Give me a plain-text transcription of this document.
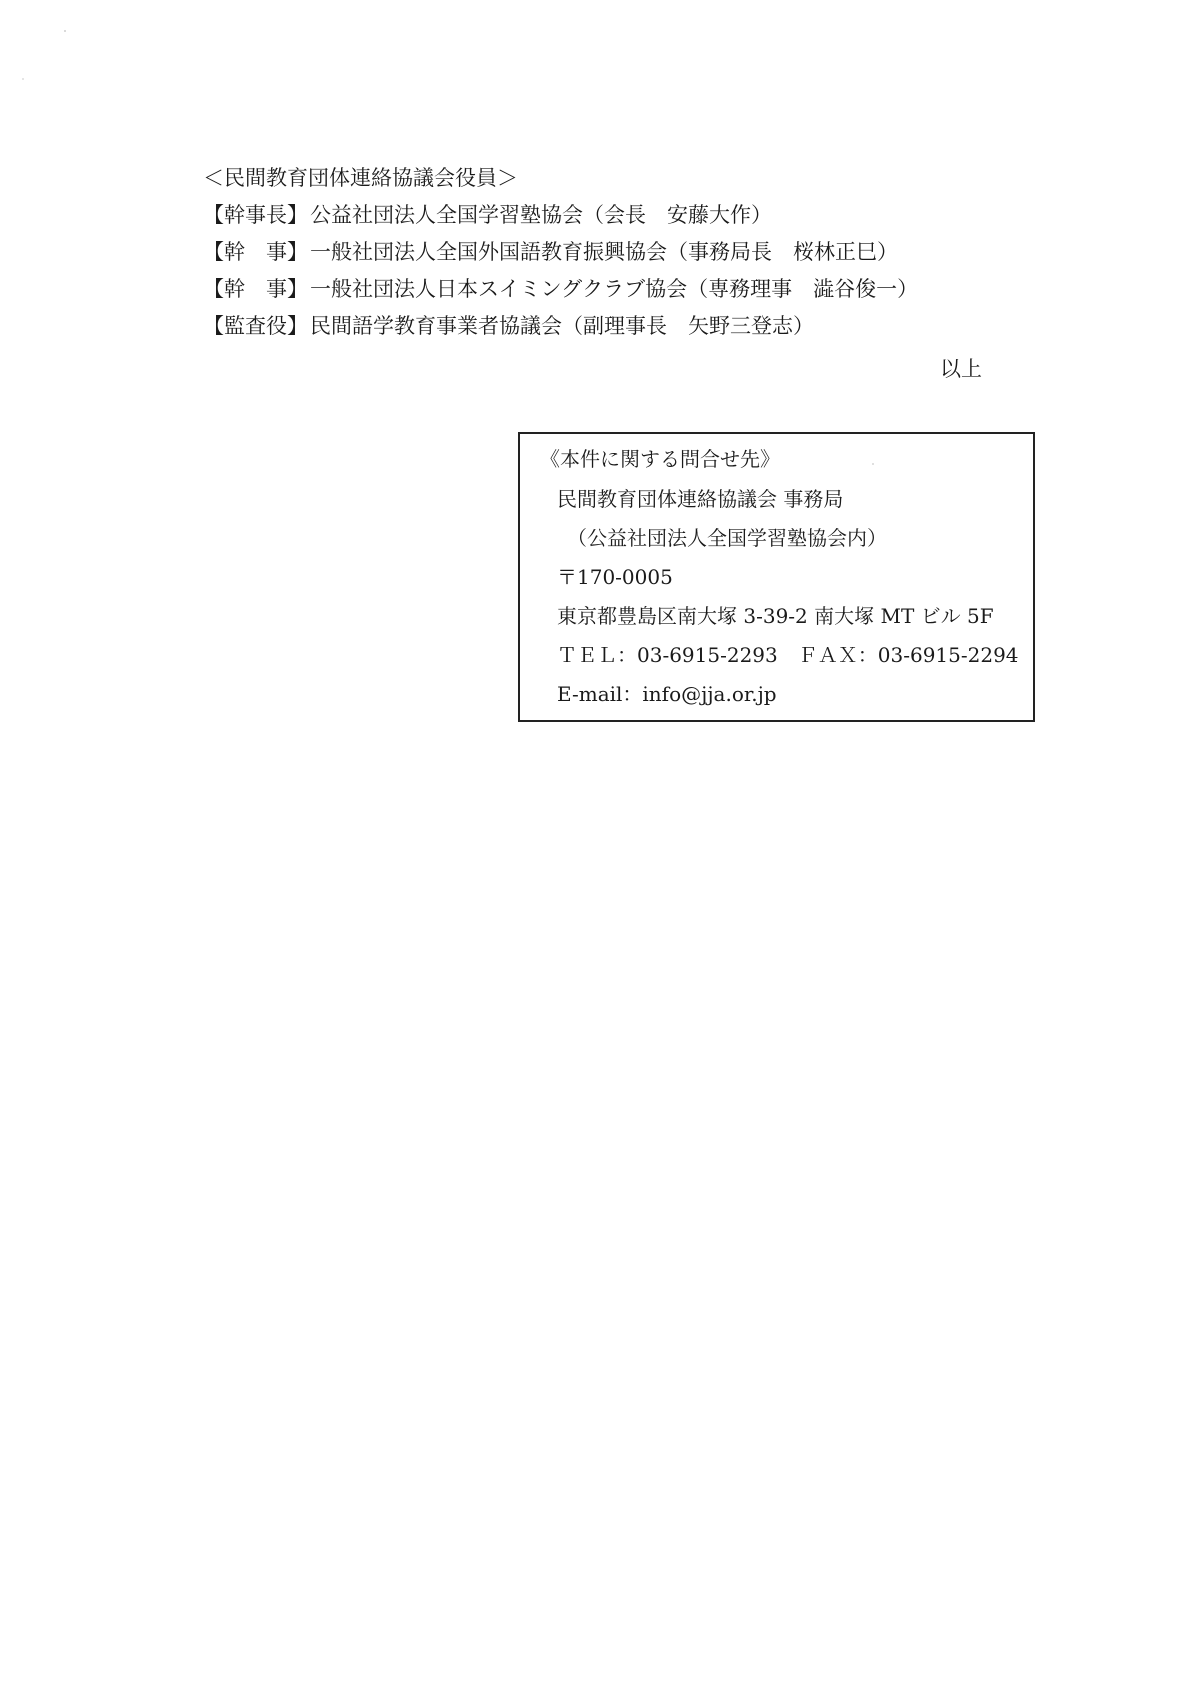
＜民間教育団体連絡協議会役員＞
【幹事長】公益社団法人全国学習塾協会（会長　安藤大作）
【幹　事】一般社団法人全国外国語教育振興協会（事務局長　桜林正巳）
【幹　事】一般社団法人日本スイミングクラブ協会（専務理事　澁谷俊一）
【監査役】民間語学教育事業者協議会（副理事長　矢野三登志）
以上
《本件に関する問合せ先》
民間教育団体連絡協議会 事務局
（公益社団法人全国学習塾協会内）
〒170-0005
東京都豊島区南大塚 3-39-2 南大塚 MT ビル 5F
ＴＥＬ：03-6915-2293　ＦＡＸ：03-6915-2294
E-mail：info@jja.or.jp
